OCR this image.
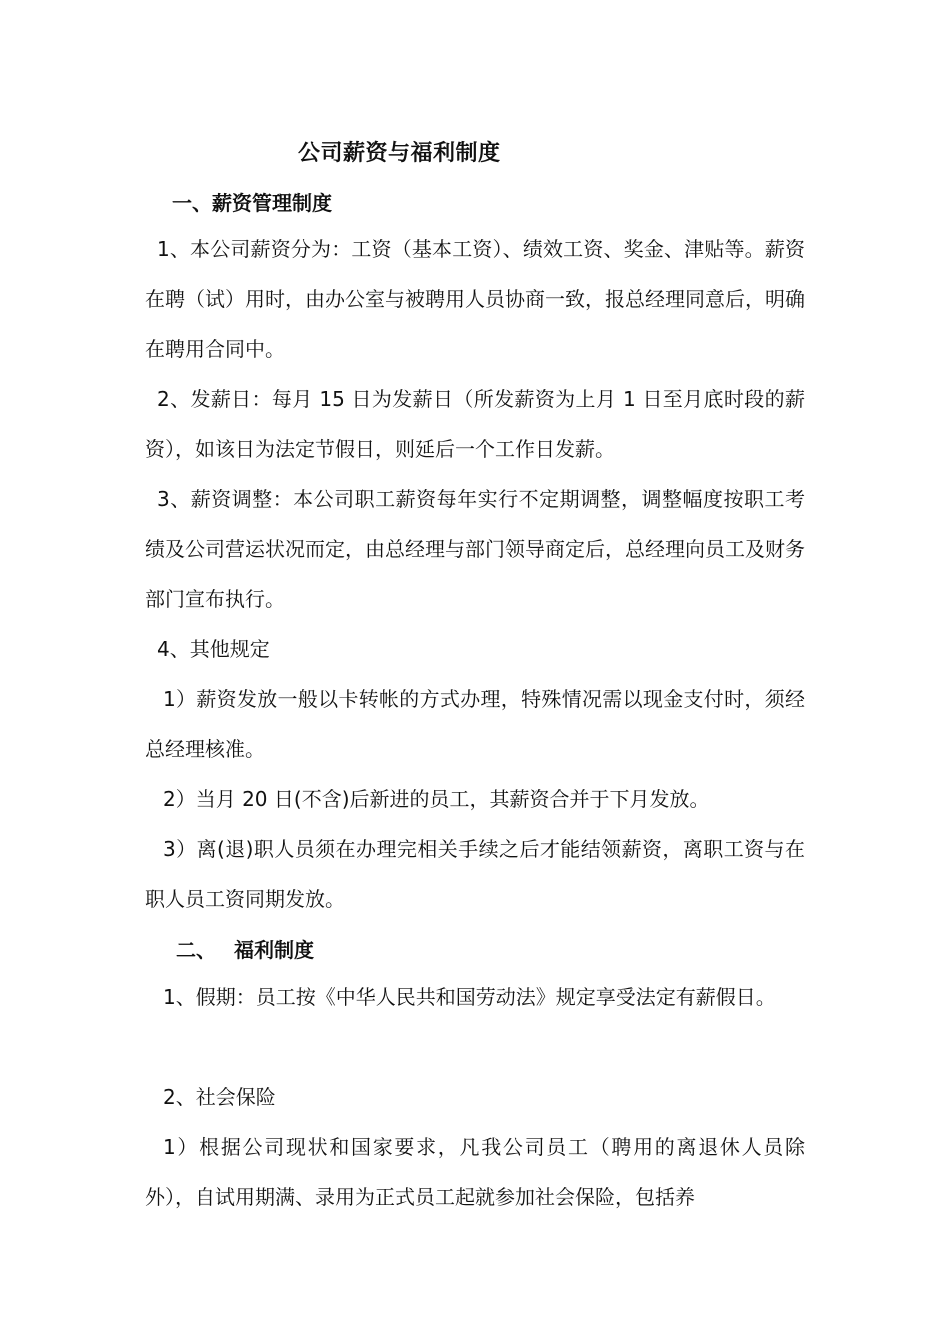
公司薪资与福利制度
一、薪资管理制度
1、本公司薪资分为：工资（基本工资）、绩效工资、奖金、津贴等。薪资在聘（试）用时，由办公室与被聘用人员协商一致，报总经理同意后，明确在聘用合同中。
2、发薪日：每月 15 日为发薪日（所发薪资为上月 1 日至月底时段的薪资），如该日为法定节假日，则延后一个工作日发薪。
3、薪资调整：本公司职工薪资每年实行不定期调整，调整幅度按职工考绩及公司营运状况而定，由总经理与部门领导商定后，总经理向员工及财务部门宣布执行。
4、其他规定
1）薪资发放一般以卡转帐的方式办理，特殊情况需以现金支付时，须经总经理核准。
2）当月 20 日(不含)后新进的员工，其薪资合并于下月发放。
3）离(退)职人员须在办理完相关手续之后才能结领薪资，离职工资与在职人员工资同期发放。
二、 福利制度
1、假期：员工按《中华人民共和国劳动法》规定享受法定有薪假日。
2、社会保险
1）根据公司现状和国家要求，凡我公司员工（聘用的离退休人员除外），自试用期满、录用为正式员工起就参加社会保险，包括养
